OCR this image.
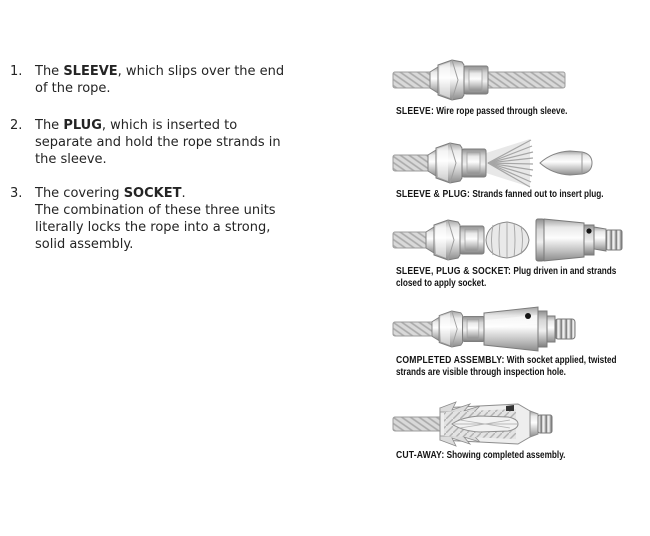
1. The SLEEVE, which slips over the end
of the rope.
2. The PLUG, which is inserted to
separate and hold the rope strands in
the sleeve.
3. The covering SOCKET.
The combination of these three units
literally locks the rope into a strong,
solid assembly.
SLEEVE: Wire rope passed through sleeve.
SLEEVE & PLUG: Strands fanned out to insert plug.
SLEEVE, PLUG & SOCKET: Plug driven in and strands closed to apply socket.
COMPLETED ASSEMBLY: With socket applied, twisted strands are visible through inspection hole.
CUT-AWAY: Showing completed assembly.
